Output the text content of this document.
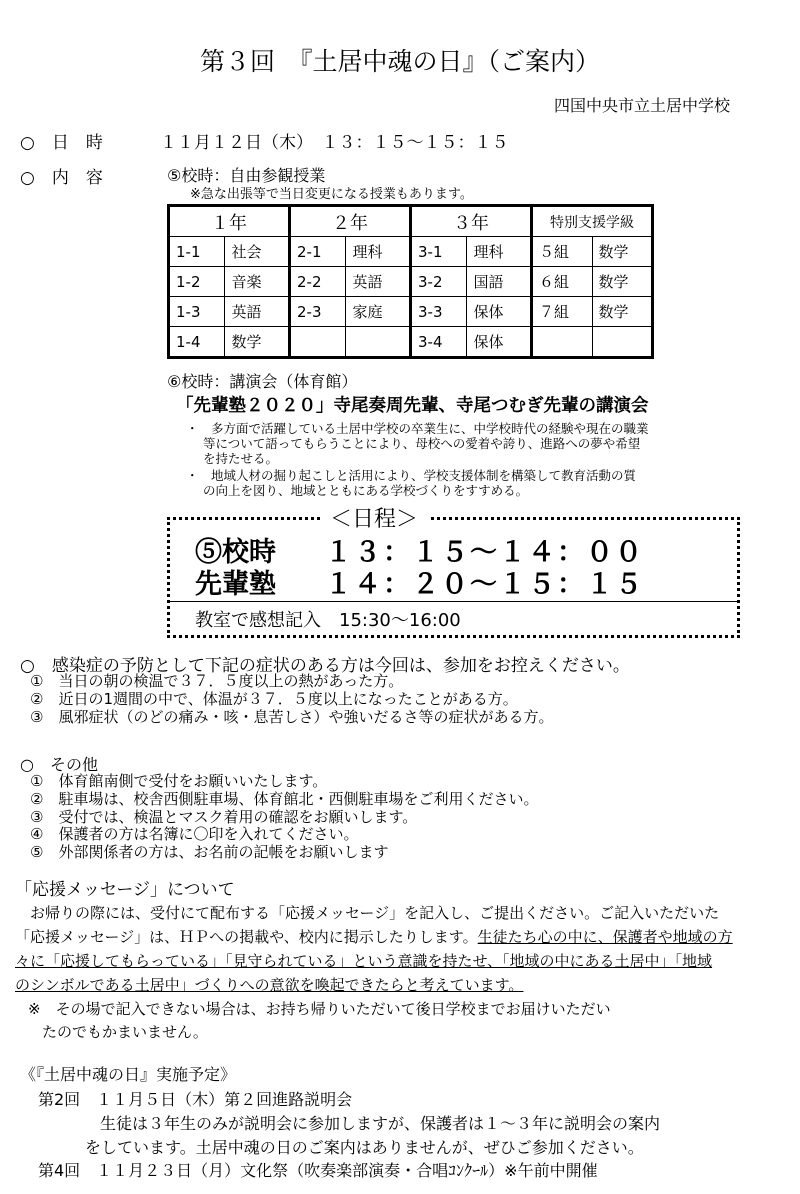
第３回　『土居中魂の日』（ご案内）
四国中央市立土居中学校
○　日　時	１１月１２日（木）　１３：１５～１５：１５
○　内　容	⑤校時：自由参観授業
※急な出張等で当日変更になる授業もあります。
１年		２年		３年		特別支援学級	
1-1	社会	2-1	理科	3-1	理科	５組	数学
1-2	音楽	2-2	英語	3-2	国語	６組	数学
1-3	英語	2-3	家庭	3-3	保体	７組	数学
1-4	数学			3-4	保体		
⑥校時：講演会（体育館）
「先輩塾２０２０」寺尾奏周先輩、寺尾つむぎ先輩の講演会
・　多方面で活躍している土居中学校の卒業生に、中学校時代の経験や現在の職業
等について語ってもらうことにより、母校への愛着や誇り、進路への夢や希望
を持たせる。
・　地域人材の掘り起こしと活用により、学校支援体制を構築して教育活動の質
の向上を図り、地域とともにある学校づくりをすすめる。
＜日程＞
⑤校時 １３：１５～１４：００
先輩塾 １４：２０～１５：１５
教室で感想記入　15:30～16:00
○　感染症の予防として下記の症状のある方は今回は、参加をお控えください。
①　当日の朝の検温で３７．５度以上の熱があった方。
②　近日の1週間の中で、体温が３７．５度以上になったことがある方。
③　風邪症状（のどの痛み・咳・息苦しさ）や強いだるさ等の症状がある方。
○　その他
①　体育館南側で受付をお願いいたします。
②　駐車場は、校舎西側駐車場、体育館北・西側駐車場をご利用ください。
③　受付では、検温とマスク着用の確認をお願いします。
④　保護者の方は名簿に〇印を入れてください。
⑤　外部関係者の方は、お名前の記帳をお願いします
「応援メッセージ」について
お帰りの際には、受付にて配布する「応援メッセージ」を記入し、ご提出ください。ご記入いただいた
「応援メッセージ」は、ＨＰへの掲載や、校内に掲示したりします。生徒たち心の中に、保護者や地域の方
々に「応援してもらっている」「見守られている」という意識を持たせ、「地域の中にある土居中」「地域
のシンボルである土居中」づくりへの意欲を喚起できたらと考えています。
※　その場で記入できない場合は、お持ち帰りいただいて後日学校までお届けいただい
たのでもかまいません。
《『土居中魂の日』実施予定》
第2回　１１月５日（木）第２回進路説明会
生徒は３年生のみが説明会に参加しますが、保護者は１～３年に説明会の案内
をしています。土居中魂の日のご案内はありませんが、ぜひご参加ください。
第4回　１１月２３日（月）文化祭（吹奏楽部演奏・合唱ｺﾝｸｰﾙ）※午前中開催
